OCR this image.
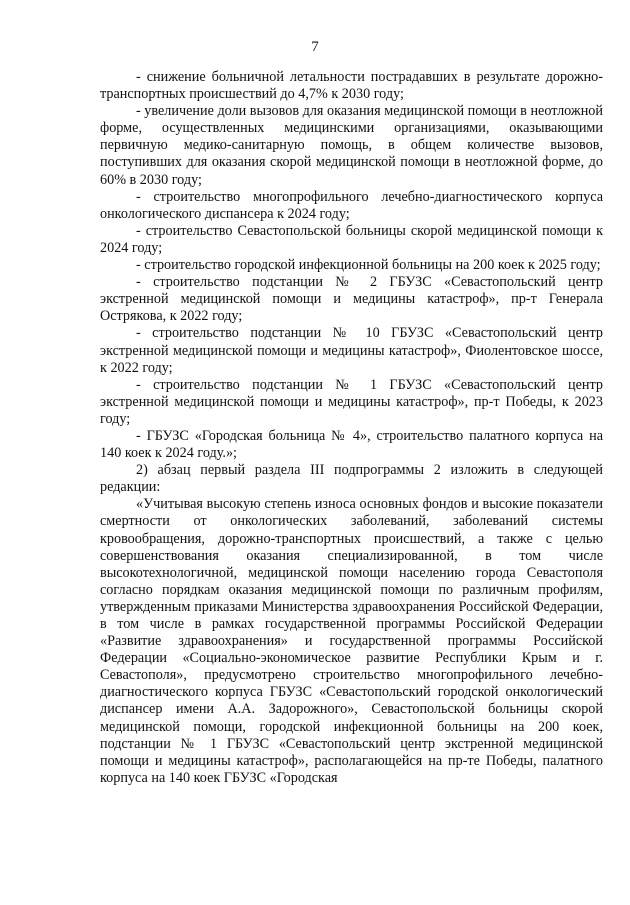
7

- снижение больничной летальности пострадавших в результате дорожно-транспортных происшествий до 4,7% к 2030 году;

- увеличение доли вызовов для оказания медицинской помощи в неотложной форме, осуществленных медицинскими организациями, оказывающими первичную медико-санитарную помощь, в общем количестве вызовов, поступивших для оказания скорой медицинской помощи в неотложной форме, до 60% в 2030 году;

- строительство многопрофильного лечебно-диагностического корпуса онкологического диспансера к 2024 году;

- строительство Севастопольской больницы скорой медицинской помощи к 2024 году;

- строительство городской инфекционной больницы на 200 коек к 2025 году;

- строительство подстанции № 2 ГБУЗС «Севастопольский центр экстренной медицинской помощи и медицины катастроф», пр-т Генерала Острякова, к 2022 году;

- строительство подстанции № 10 ГБУЗС «Севастопольский центр экстренной медицинской помощи и медицины катастроф», Фиолентовское шоссе, к 2022 году;

- строительство подстанции № 1 ГБУЗС «Севастопольский центр экстренной медицинской помощи и медицины катастроф», пр-т Победы, к 2023 году;

- ГБУЗС «Городская больница № 4», строительство палатного корпуса на 140 коек к 2024 году.»;

2) абзац первый раздела III подпрограммы 2 изложить в следующей редакции:

«Учитывая высокую степень износа основных фондов и высокие показатели смертности от онкологических заболеваний, заболеваний системы кровообращения, дорожно-транспортных происшествий, а также с целью совершенствования оказания специализированной, в том числе высокотехнологичной, медицинской помощи населению города Севастополя согласно порядкам оказания медицинской помощи по различным профилям, утвержденным приказами Министерства здравоохранения Российской Федерации, в том числе в рамках государственной программы Российской Федерации «Развитие здравоохранения» и государственной программы Российской Федерации «Социально-экономическое развитие Республики Крым и г. Севастополя», предусмотрено строительство многопрофильного лечебно-диагностического корпуса ГБУЗС «Севастопольский городской онкологический диспансер имени А.А. Задорожного», Севастопольской больницы скорой медицинской помощи, городской инфекционной больницы на 200 коек, подстанции № 1 ГБУЗС «Севастопольский центр экстренной медицинской помощи и медицины катастроф», располагающейся на пр-те Победы, палатного корпуса на 140 коек ГБУЗС «Городская
